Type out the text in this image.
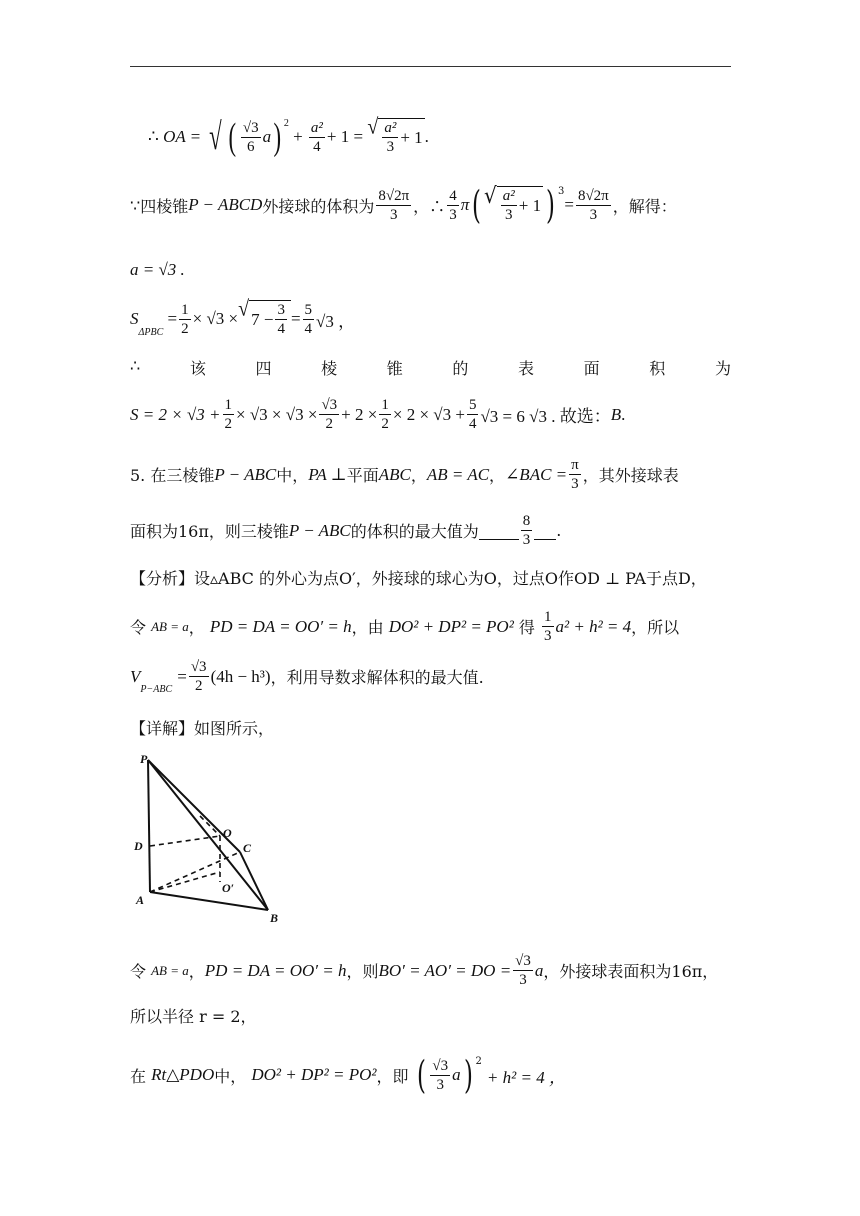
∴
OA =
√ ( $\frac{√3}{6}$ a ) $^2$
+ $\frac{\text{a²}}{4} + 1$
=
√ $\frac{\text{a²}}{3} + 1$ .
∵ 四棱锥 P − ABCD 外接球的体积为 $\frac{8√2\pi}{3}$ ，∴ $\frac{4}{3}$ π ( √ $\frac{\text{a²}}{3} + 1$ ) $^3$
= $\frac{8√2\pi}{3}$ ，解得：
a = √3 .
S
$_{\Delta PBC}$

= $\frac{1}{2} \times √3$ × √ $7 - \frac{3}{4} = \frac{5}{4} √3$ ，
∴	该	四	棱	锥	的	表	面	积	为
$S = 2 \times √3 + \frac{1}{2} \times √3 \times √3 \times \frac{√3}{2} + 2 \times \frac{1}{2} \times 2 \times √3 + \frac{5}{4} √3 = 6$ √3 . 故选： B .
5. 在三棱锥 P − ABC 中， PA ⊥ 平面 ABC ， AB = AC ， ∠BAC = $\frac{\pi}{3}$ ，其外接球表
面积为16π，则三棱锥 P − ABC 的体积的最大值为	$\frac{8}{3}$ .
【分析】设▵ABC 的外心为点O′，外接球的球心为O，过点O作OD ⊥ PA于点D，
令
AB = a ，
PD = DA = OO′ = h ，由
DO² + DP² = PO²
得
$\frac{1}{3} a^2 + h^2 = 4$ ，所以
V
$_{P-ABC}$

= $\frac{√3}{2} (4h - h^3)$ ，利用导数求解体积的最大值.
【详解】如图所示，
P
D
O
C
O′
A
B
令
AB = a ， PD = DA = OO′ = h ，则 BO′ = AO′ = DO = $\frac{√3}{3}$ a ，外接球表面积为16π，
所以半径 r = 2，
在
Rt△PDO 中，
DO² + DP² = PO² ，即
( $\frac{√3}{3}$ a ) $^2$

+ h² = 4 ，
